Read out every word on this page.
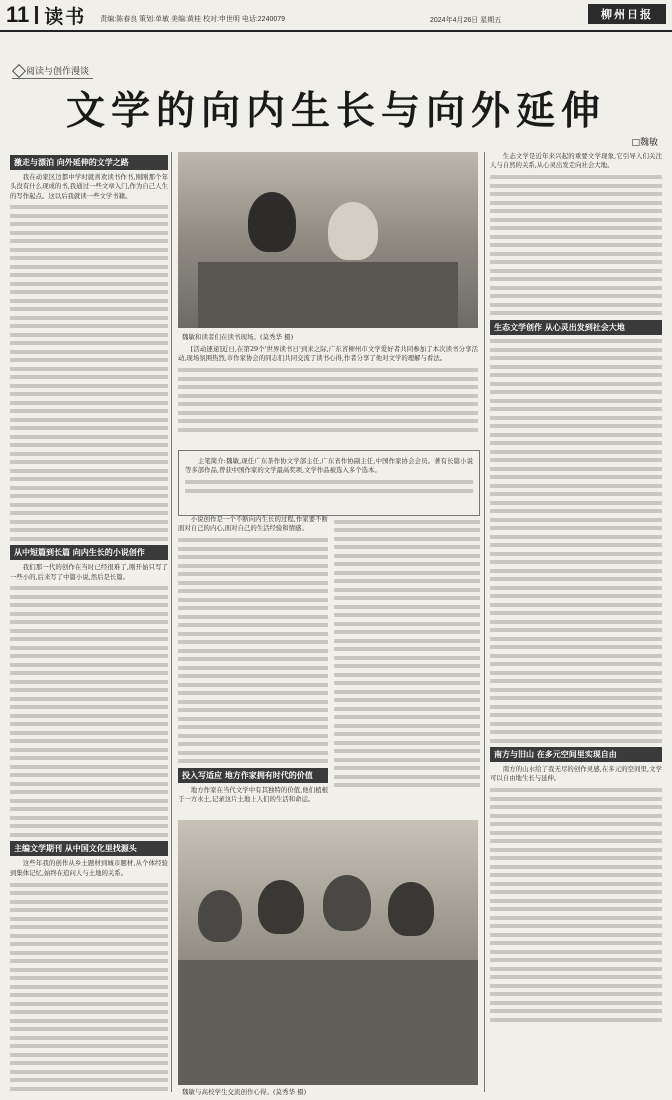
11 读书 责编:陈春良 策划:单敏 美编:黄桂 校对:申世明 电话:2240079	2024年4月26日 星期五	柳州日报
阅读与创作漫谈
文学的向内生长与向外延伸
□魏敏
激走与漂泊 向外延伸的文学之路

我在动家区边都中学时就喜欢读书作书,刚刚那个年头没有什么现成的书,我通过一些文章入门,作为自己人生的写作起点。这以后我就读一些文学书籍。

从中短篇到长篇 向内生长的小说创作

我们那一代的创作在当时已经很难了,刚开始只写了一些小的,后来写了中篇小说,然后是长篇。

主编文学期刊 从中国文化里找源头

这些年我的创作从乡土题材到城市题材,从个体经验到集体记忆,始终在追问人与土地的关系。

魏敏和读者们在读书现场。(莫秀华 摄)

[活动速递]近日,在第29个'世界读书日'到来之际,广东省柳州市文学爱好者共同参加了本次读书分享活动,现场氛围热烈,市作家协会的同志们共同交流了读书心得,作者分享了他对文学的理解与看法。

主笔简介:魏敏,现任广东茶作协文学部主任,广东省作协副主任,中国作家协会会员。著有长篇小说等多部作品,曾获中国作家的文学最高奖项,文学作品被选入多个选本。

小说创作是一个不断向内生长的过程,作家要不断面对自己的内心,面对自己的生活经验和情感。

投入写适应 地方作家拥有时代的价值

地方作家在当代文学中有其独特的价值,他们植根于一方水土,记录这片土地上人们的生活和命运。

魏敏与高校学生交流创作心得。(莫秀华 摄)

生态文学是近年来兴起的重要文学现象,它引导人们关注人与自然的关系,从心灵出发走向社会大地。

生态文学创作 从心灵出发到社会大地
南方与旧山 在多元空间里实现自由

南方的山水给了我无尽的创作灵感,在多元的空间里,文学可以自由地生长与延伸。
